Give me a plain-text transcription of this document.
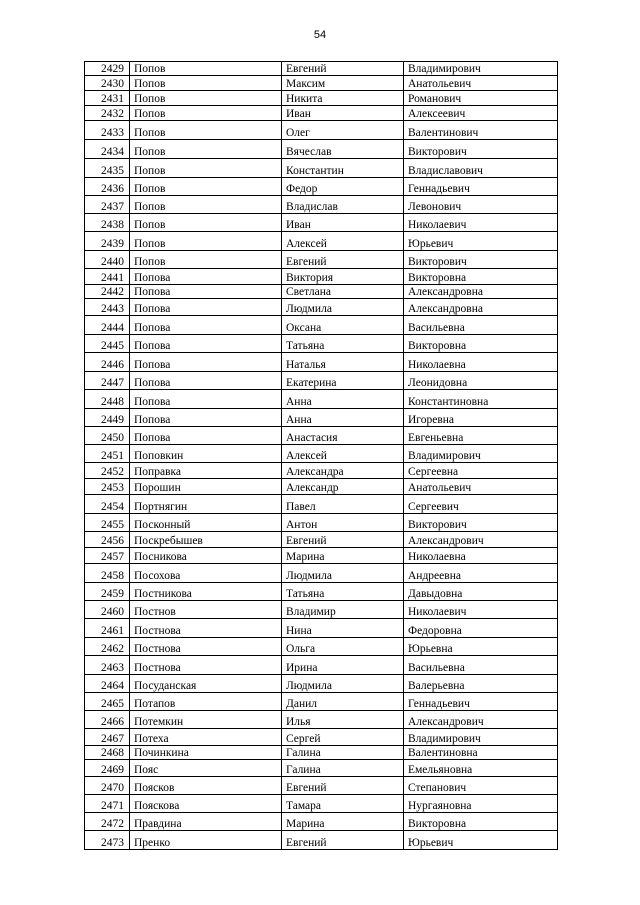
54
2429	Попов	Евгений	Владимирович
2430	Попов	Максим	Анатольевич
2431	Попов	Никита	Романович
2432	Попов	Иван	Алексеевич
2433	Попов	Олег	Валентинович
2434	Попов	Вячеслав	Викторович
2435	Попов	Константин	Владиславович
2436	Попов	Федор	Геннадьевич
2437	Попов	Владислав	Левонович
2438	Попов	Иван	Николаевич
2439	Попов	Алексей	Юрьевич
2440	Попов	Евгений	Викторович
2441	Попова	Виктория	Викторовна
2442	Попова	Светлана	Александровна
2443	Попова	Людмила	Александровна
2444	Попова	Оксана	Васильевна
2445	Попова	Татьяна	Викторовна
2446	Попова	Наталья	Николаевна
2447	Попова	Екатерина	Леонидовна
2448	Попова	Анна	Константиновна
2449	Попова	Анна	Игоревна
2450	Попова	Анастасия	Евгеньевна
2451	Поповкин	Алексей	Владимирович
2452	Поправка	Александра	Сергеевна
2453	Порошин	Александр	Анатольевич
2454	Портнягин	Павел	Сергеевич
2455	Посконный	Антон	Викторович
2456	Поскребышев	Евгений	Александрович
2457	Посникова	Марина	Николаевна
2458	Посохова	Людмила	Андреевна
2459	Постникова	Татьяна	Давыдовна
2460	Постнов	Владимир	Николаевич
2461	Постнова	Нина	Федоровна
2462	Постнова	Ольга	Юрьевна
2463	Постнова	Ирина	Васильевна
2464	Посуданская	Людмила	Валерьевна
2465	Потапов	Данил	Геннадьевич
2466	Потемкин	Илья	Александрович
2467	Потеха	Сергей	Владимирович
2468	Починкина	Галина	Валентиновна
2469	Пояс	Галина	Емельяновна
2470	Поясков	Евгений	Степанович
2471	Пояскова	Тамара	Нургаяновна
2472	Правдина	Марина	Викторовна
2473	Пренко	Евгений	Юрьевич
